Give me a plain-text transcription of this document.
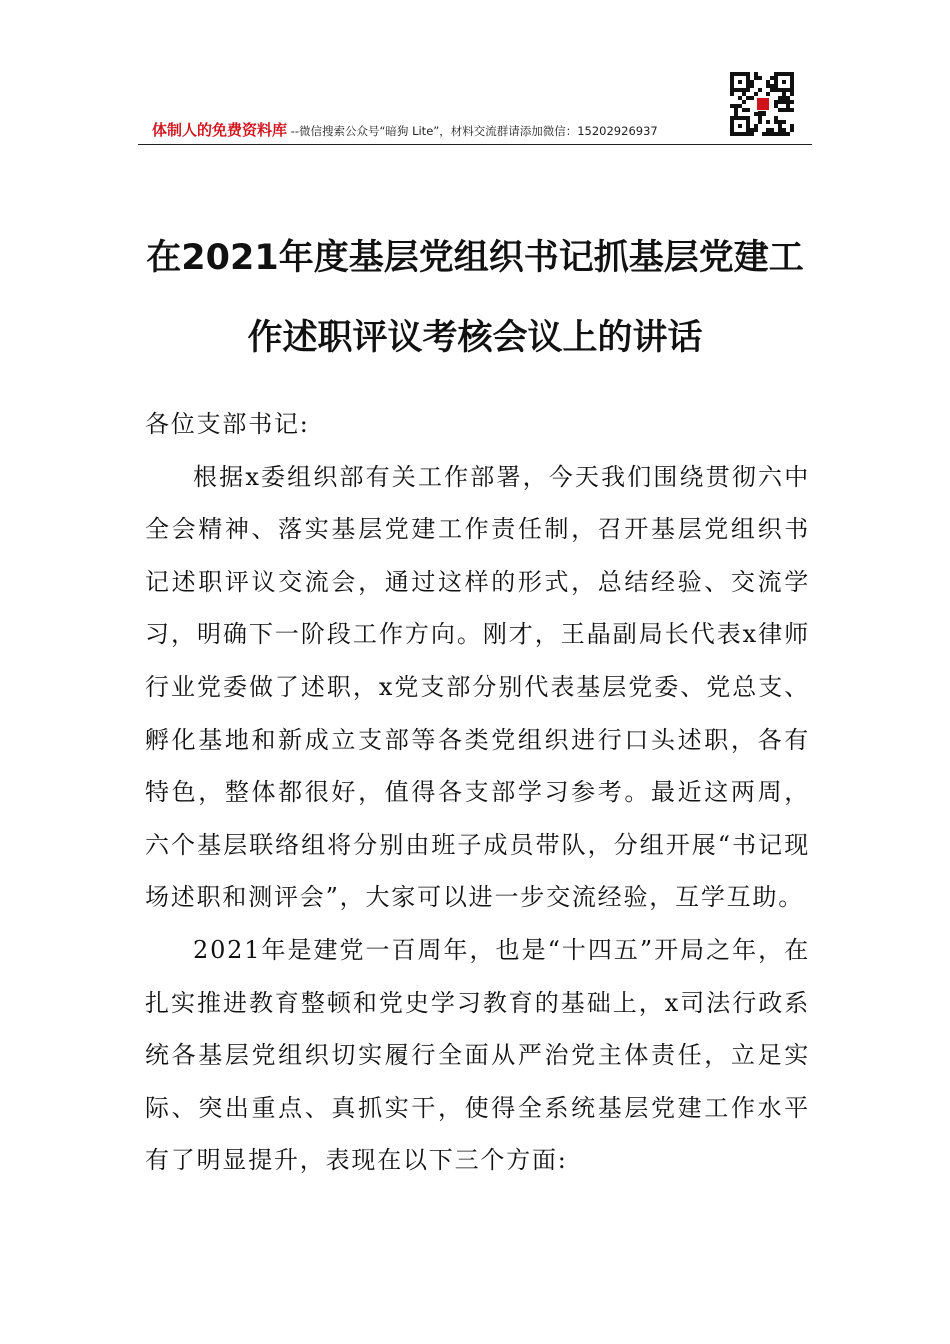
体制人的免费资料库 --微信搜索公众号“暗狗 Lite”，材料交流群请添加微信：15202926937
在2021年度基层党组织书记抓基层党建工作述职评议考核会议上的讲话

各位支部书记:

根据x委组织部有关工作部署，今天我们围绕贯彻六中全会精神、落实基层党建工作责任制，召开基层党组织书记述职评议交流会，通过这样的形式，总结经验、交流学习，明确下一阶段工作方向。刚才，王晶副局长代表x律师行业党委做了述职，x党支部分别代表基层党委、党总支、孵化基地和新成立支部等各类党组织进行口头述职，各有特色，整体都很好，值得各支部学习参考。最近这两周，六个基层联络组将分别由班子成员带队，分组开展“书记现场述职和测评会”，大家可以进一步交流经验，互学互助。

2021年是建党一百周年，也是“十四五”开局之年，在扎实推进教育整顿和党史学习教育的基础上，x司法行政系统各基层党组织切实履行全面从严治党主体责任，立足实际、突出重点、真抓实干，使得全系统基层党建工作水平有了明显提升，表现在以下三个方面:
